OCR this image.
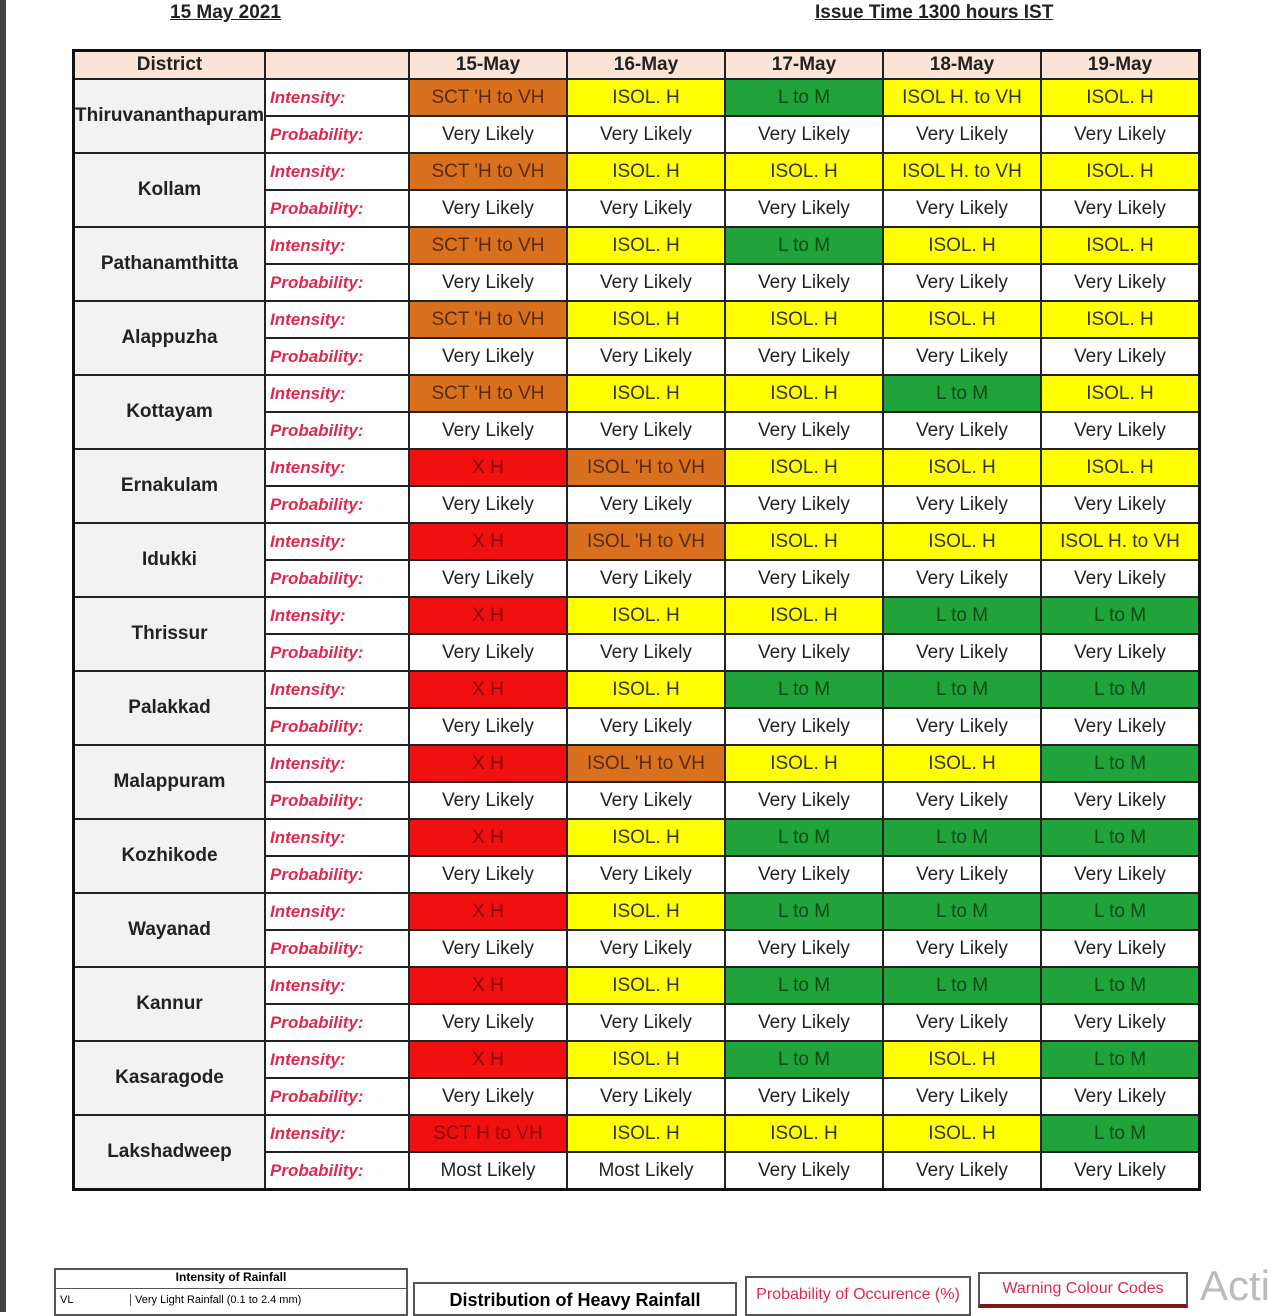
15 May 2021	Issue Time 1300 hours IST
District		15-May	16-May	17-May	18-May	19-May
Thiruvananthapuram	Intensity:	SCT 'H to VH	ISOL. H	L to M	ISOL H. to VH	ISOL. H
	Probability:	Very Likely	Very Likely	Very Likely	Very Likely	Very Likely
Kollam	Intensity:	SCT 'H to VH	ISOL. H	ISOL. H	ISOL H. to VH	ISOL. H
	Probability:	Very Likely	Very Likely	Very Likely	Very Likely	Very Likely
Pathanamthitta	Intensity:	SCT 'H to VH	ISOL. H	L to M	ISOL. H	ISOL. H
	Probability:	Very Likely	Very Likely	Very Likely	Very Likely	Very Likely
Alappuzha	Intensity:	SCT 'H to VH	ISOL. H	ISOL. H	ISOL. H	ISOL. H
	Probability:	Very Likely	Very Likely	Very Likely	Very Likely	Very Likely
Kottayam	Intensity:	SCT 'H to VH	ISOL. H	ISOL. H	L to M	ISOL. H
	Probability:	Very Likely	Very Likely	Very Likely	Very Likely	Very Likely
Ernakulam	Intensity:	X H	ISOL 'H to VH	ISOL. H	ISOL. H	ISOL. H
	Probability:	Very Likely	Very Likely	Very Likely	Very Likely	Very Likely
Idukki	Intensity:	X H	ISOL 'H to VH	ISOL. H	ISOL. H	ISOL H. to VH
	Probability:	Very Likely	Very Likely	Very Likely	Very Likely	Very Likely
Thrissur	Intensity:	X H	ISOL. H	ISOL. H	L to M	L to M
	Probability:	Very Likely	Very Likely	Very Likely	Very Likely	Very Likely
Palakkad	Intensity:	X H	ISOL. H	L to M	L to M	L to M
	Probability:	Very Likely	Very Likely	Very Likely	Very Likely	Very Likely
Malappuram	Intensity:	X H	ISOL 'H to VH	ISOL. H	ISOL. H	L to M
	Probability:	Very Likely	Very Likely	Very Likely	Very Likely	Very Likely
Kozhikode	Intensity:	X H	ISOL. H	L to M	L to M	L to M
	Probability:	Very Likely	Very Likely	Very Likely	Very Likely	Very Likely
Wayanad	Intensity:	X H	ISOL. H	L to M	L to M	L to M
	Probability:	Very Likely	Very Likely	Very Likely	Very Likely	Very Likely
Kannur	Intensity:	X H	ISOL. H	L to M	L to M	L to M
	Probability:	Very Likely	Very Likely	Very Likely	Very Likely	Very Likely
Kasaragode	Intensity:	X H	ISOL. H	L to M	ISOL. H	L to M
	Probability:	Very Likely	Very Likely	Very Likely	Very Likely	Very Likely
Lakshadweep	Intensity:	SCT H to VH	ISOL. H	ISOL. H	ISOL. H	L to M
	Probability:	Most Likely	Most Likely	Very Likely	Very Likely	Very Likely
Intensity of Rainfall
VL	Very Light Rainfall (0.1 to 2.4 mm)	Distribution of Heavy Rainfall	Probability of Occurence (%)	Warning Colour Codes Acti
